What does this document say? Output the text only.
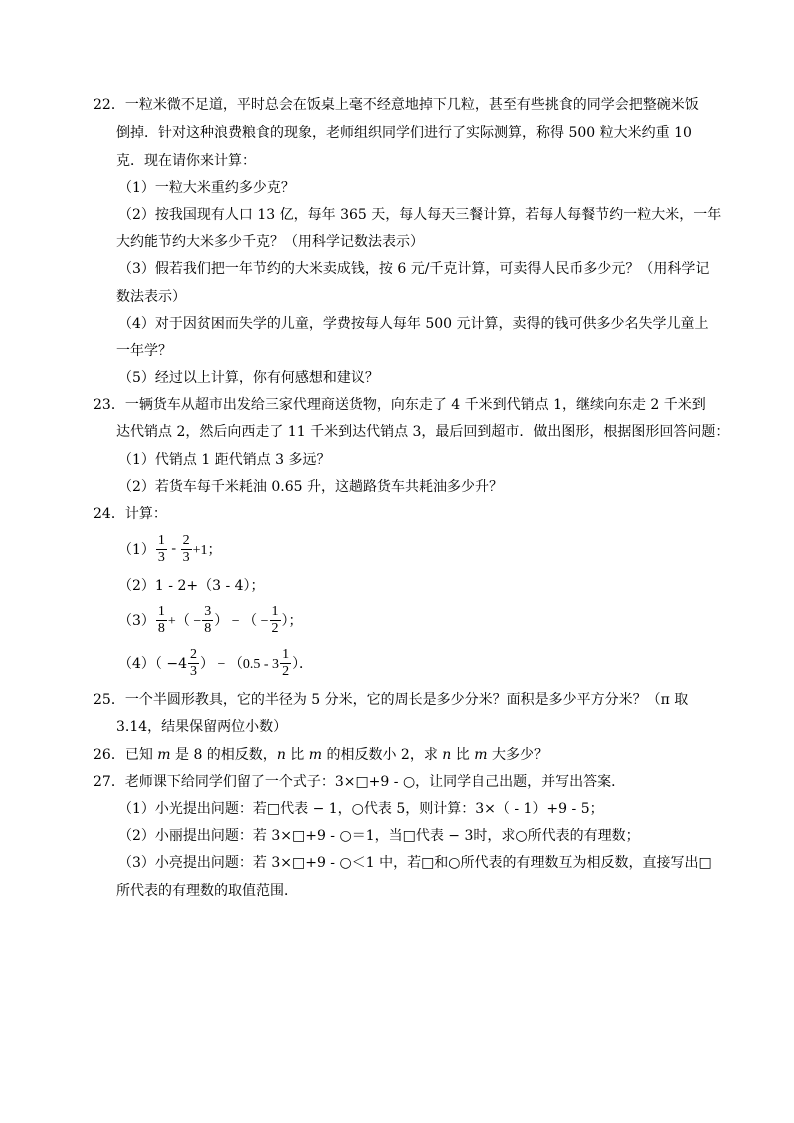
22．一粒米微不足道，平时总会在饭桌上毫不经意地掉下几粒，甚至有些挑食的同学会把整碗米饭
倒掉．针对这种浪费粮食的现象，老师组织同学们进行了实际测算，称得 500 粒大米约重 10
克．现在请你来计算：
（1）一粒大米重约多少克？
（2）按我国现有人口 13 亿，每年 365 天，每人每天三餐计算，若每人每餐节约一粒大米，一年
大约能节约大米多少千克？（用科学记数法表示）
（3）假若我们把一年节约的大米卖成钱，按 6 元/千克计算，可卖得人民币多少元？（用科学记
数法表示）
（4）对于因贫困而失学的儿童，学费按每人每年 500 元计算，卖得的钱可供多少名失学儿童上
一年学？
（5）经过以上计算，你有何感想和建议？
23．一辆货车从超市出发给三家代理商送货物，向东走了 4 千米到代销点 1，继续向东走 2 千米到
达代销点 2，然后向西走了 11 千米到达代销点 3，最后回到超市．做出图形，根据图形回答问题：
（1）代销点 1 距代销点 3 多远？
（2）若货车每千米耗油 0.65 升，这趟路货车共耗油多少升？
24．计算：
$(1) \frac{1}{3} - \frac{2}{3} +1$；
（2）1 - 2+（3 - 4）；
$(3) \frac{1}{8}$ +（ − $\frac{3}{8}$ ） − （ − $\frac{1}{2}$ ）；
$(4)( -4 \frac{2}{3}$ ） − （$0.5 - 3 \frac{1}{2}$ ）．
25．一个半圆形教具，它的半径为 5 分米，它的周长是多少分米？面积是多少平方分米？（π 取
3.14，结果保留两位小数）
26．已知 m 是 8 的相反数，n 比 m 的相反数小 2，求 n 比 m 大多少？
27．老师课下给同学们留了一个式子：3×□+9 - ○，让同学自己出题，并写出答案．
（1）小光提出问题：若□代表 − 1，○代表 5，则计算：3×（ - 1）+9 - 5；
（2）小丽提出问题：若 3×□+9 - ○＝1，当□代表 − 3时，求○所代表的有理数；
（3）小亮提出问题：若 3×□+9 - ○＜1 中，若□和○所代表的有理数互为相反数，直接写出□
所代表的有理数的取值范围．
